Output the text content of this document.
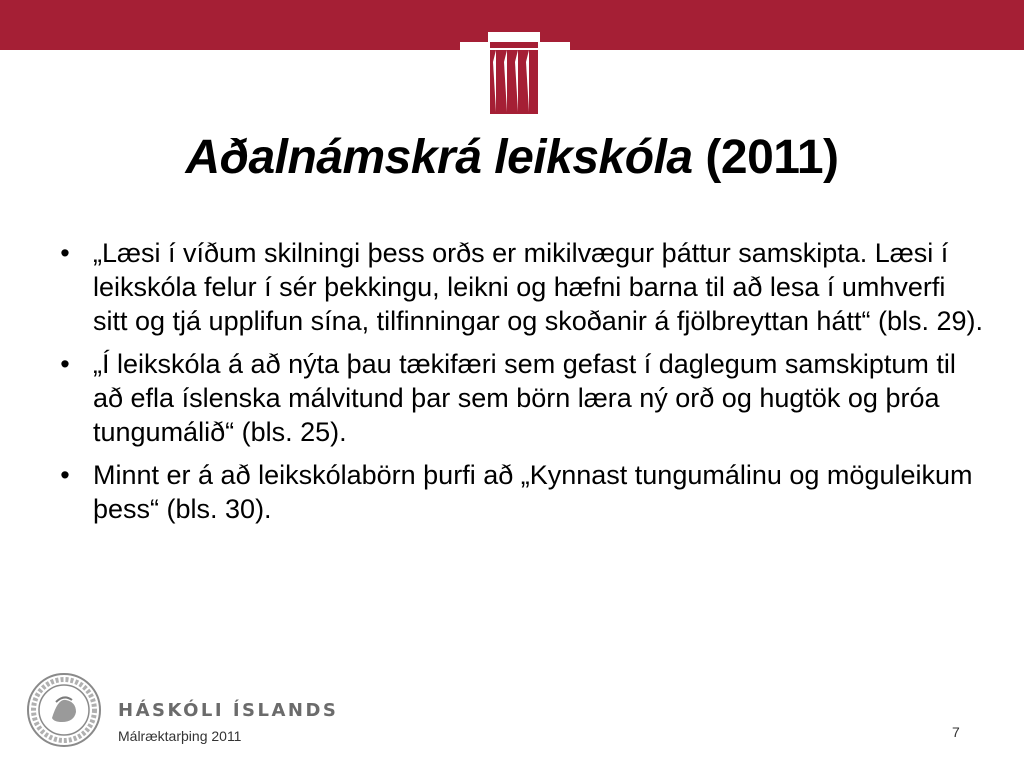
Aðalnámskrá leikskóla (2011)
• „Læsi í víðum skilningi þess orðs er mikilvægur þáttur samskipta. Læsi í leikskóla felur í sér þekkingu, leikni og hæfni barna til að lesa í umhverfi sitt og tjá upplifun sína, tilfinningar og skoðanir á fjölbreyttan hátt“ (bls. 29).
• „Í leikskóla á að nýta þau tækifæri sem gefast í daglegum samskiptum til að efla íslenska málvitund þar sem börn læra ný orð og hugtök og þróa tungumálið“ (bls. 25).
• Minnt er á að leikskólabörn þurfi að „Kynnast tungumálinu og möguleikum þess“ (bls. 30).
HÁSKÓLI ÍSLANDS
Málræktarþing 2011	7
